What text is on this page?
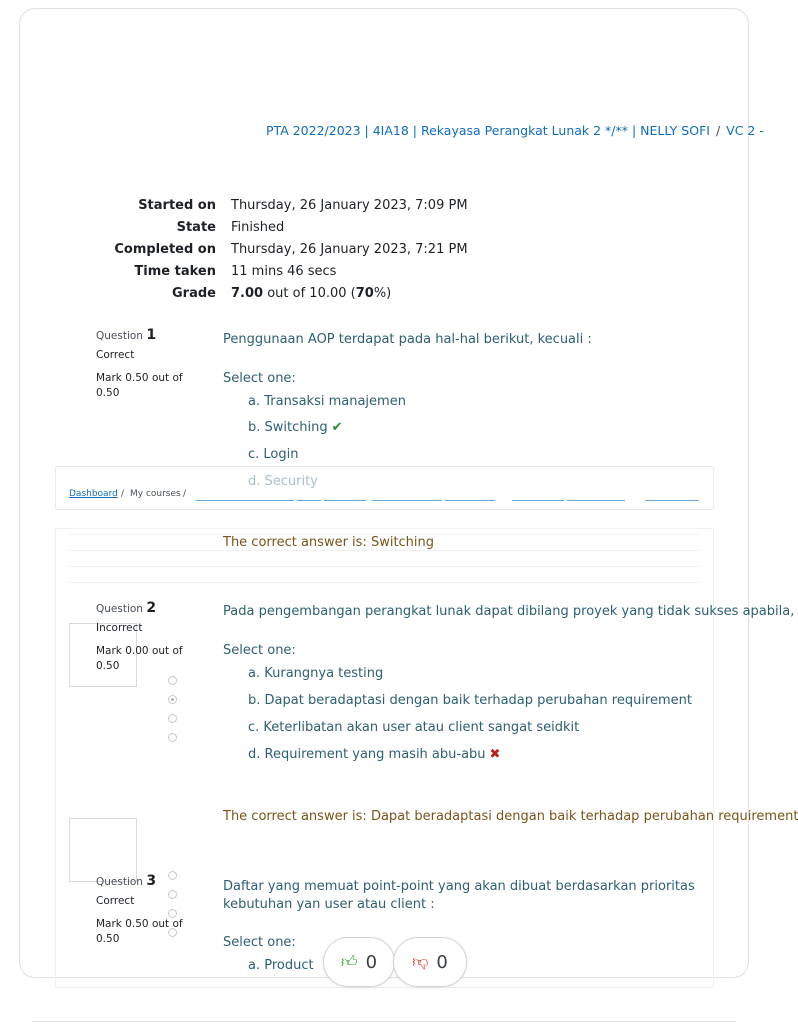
PTA 2022/2023 | 4IA18 | Rekayasa Perangkat Lunak 2 */** | NELLY SOFI / VC 2 -
Started on Thursday, 26 January 2023, 7:09 PM
State Finished
Completed on Thursday, 26 January 2023, 7:21 PM
Time taken 11 mins 46 secs
Grade 7.00 out of 10.00 (70%)
Question 1
Correct
Mark 0.50 out of 0.50
Penggunaan AOP terdapat pada hal-hal berikut, kecuali :
Select one:
a. Transaksi manajemen
b. Switching ✔
c. Login
The correct answer is: Switching
Dashboard / My courses /
Question 2
Incorrect
Mark 0.00 out of 0.50
Pada pengembangan perangkat lunak dapat dibilang proyek yang tidak sukses apabila,
Select one:
a. Kurangnya testing
b. Dapat beradaptasi dengan baik terhadap perubahan requirement
c. Keterlibatan akan user atau client sangat seidkit
d. Requirement yang masih abu-abu ✖
The correct answer is: Dapat beradaptasi dengan baik terhadap perubahan requirement
Question 3
Correct
Mark 0.50 out of 0.50
Daftar yang memuat point-point yang akan dibuat berdasarkan prioritas kebutuhan yan user atau client :
Select one:
a. Product 👍︎ 0 👎︎ 0
